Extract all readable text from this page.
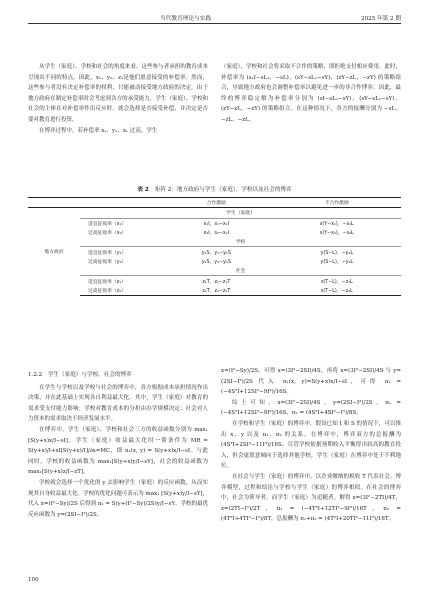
当代教育理论与实践	2025 年第 2 期

从学生（家庭）、学校和社会的角度来看，这些参与者承担的教育成本呈现出不同的特点。因此，x₁、y₁、z₁是他们愿意接受的补偿率。然而，这些参与者没有决定补偿率的权利，只能被动接受地方政府的决定。由于地方政府在制定补偿率时会考虑到各方的承受能力，学生（家庭）、学校和社会的主体在对补偿率作出反应时，就会选择是否接受补偿，并决定是否要对教育进行投资。

在博弈过程中，若补偿率 x₁、y₁、z₁ 过高，学生

（家庭）、学校和社会将采取不合作的策略，即拒绝支付相应费用。此时，补偿率为 (s₁I−sL₁，−sL)、(sY−sL₁−sY)、(zY−zL，−zY) 的策略组合，导致地方政府也会调整补偿率以避免进一步的非合作博弈。因此，最终的博弈稳定解为补偿率分别为 (sI−sL₁−sY)、(sY−sL₁−sY)、(zY−zL，−zY) 的策略组合。在这种情况下，各方的报酬分别为 −sL、−zL、−zL。

表 2 矩阵 2：地方政府与学生（家庭）、学校以及社会的博弈
		合作激励	不合作激励
地方政府	学生（家庭）		
	适宜征收率（x₁）	x₁I，s₁−x₁I	s(Y−x₁)，−s₁L
	过高征收率（x₂）	x₂I，s₂−x₂I	s(Y−x₂)，−s₂L
	学校		
	适宜征收率（y₁）	y₁S，y₁−y₁S	y(S−L)，−y₁L
	过高征收率（y₂）	y₂S，y₂−y₂S	y(S−L)，−y₂L
	社会		
	适宜征收率（z₁）	z₁T，z₁−z₁T	z(T−L)，−z₁L
	过高征收率（z₂）	z₂T，z₂−z₂T	z(T−L)，−z₂L
1.2.2　学生（家庭）与学校、社会的博弈

在学生与学校以及学校与社会的博弈中，各方根据成本承担情况作出决策，并在此基础上实现各自利益最大化。其中，学生（家庭）对教育的需求受支付能力影响；学校对教育成本的分担由办学规模决定；社会对人力资本的需求取决于经济发展水平。

在博弈中，学生（家庭）、学校和社会三方的收益函数分别为 max₁ [S(y+x)x/I−sI]，学生（家庭）收益最大化时一阶条件为 MR = S(y+x)/I+xI[S(y+x)/I]/∂x=MC，即 π₁(x, y) = S(y+x)x/I−sI。与此同时，学校的收益函数为 max₁[S(y+x)y/I−sY]，社会的收益函数为 max₁[S(y+x)z/I−zT]。

学校就会选择一个优化的 y 去影响学生（家庭）的反应函数，从而实现其自身收益最大化。学校的优化问题可表示为 max₁ [S(y+x)y/I−sY]，代入 x=(I²−Sy)/2S 后得到 π₂ = S(y+(I²−Sy)/2S)y/I−sY。学校的最优反应函数为 y=(2SI−I²)/2S。

x=(I²−Sy)/2S，可得 x=(3I²−2SI)/4S。再将 x=(3I²−2SI)/4S 与 y=(2SI−I²)/2S 代入 π₁(x, y)=S(y+x)x/I−sI，可得 π₁ = (−4S²I+12SI²−9I³)/16S。

综上可知，x=(3I²−2SI)/4S，y=(2SI−I²)/2S，π₁ = (−4S²I+12SI²−9I³)/16S，π₂ = (4S²I+4SI²−I³)/8S。

在学校和学生（家庭）的博弈中，假设已知 I 和 S 的情况下，可以推出 x、y 以及 π₁、π₂ 的关系。在博弈中，博弈双方的总报酬为 (4S²I+2SI²−11I³)/16S。尽管学校依据预期收入平衡得出较高的教育投入，但会更愿意倾向于选择其他学校，学生（家庭）在博弈中处于不利地位。

在社会与学生（家庭）的博弈中，以企业缴纳的税收 T 代表社会。博弈模型，过程和结论与学校与学生（家庭）的博弈相似。在社会的博弈中，社会为领导者，而学生（家庭）为追随者。解得 x=(3I²−2TI)/4T，z=(2TI−I²)/2T，π₁ = (−4T²I+12TI²−9I³)/16T，π₃ = (4T²I+4TI²−I³)/8T，总报酬为 π₁+π₃ = (4T²I+20TI²−11I³)/16T。

100
